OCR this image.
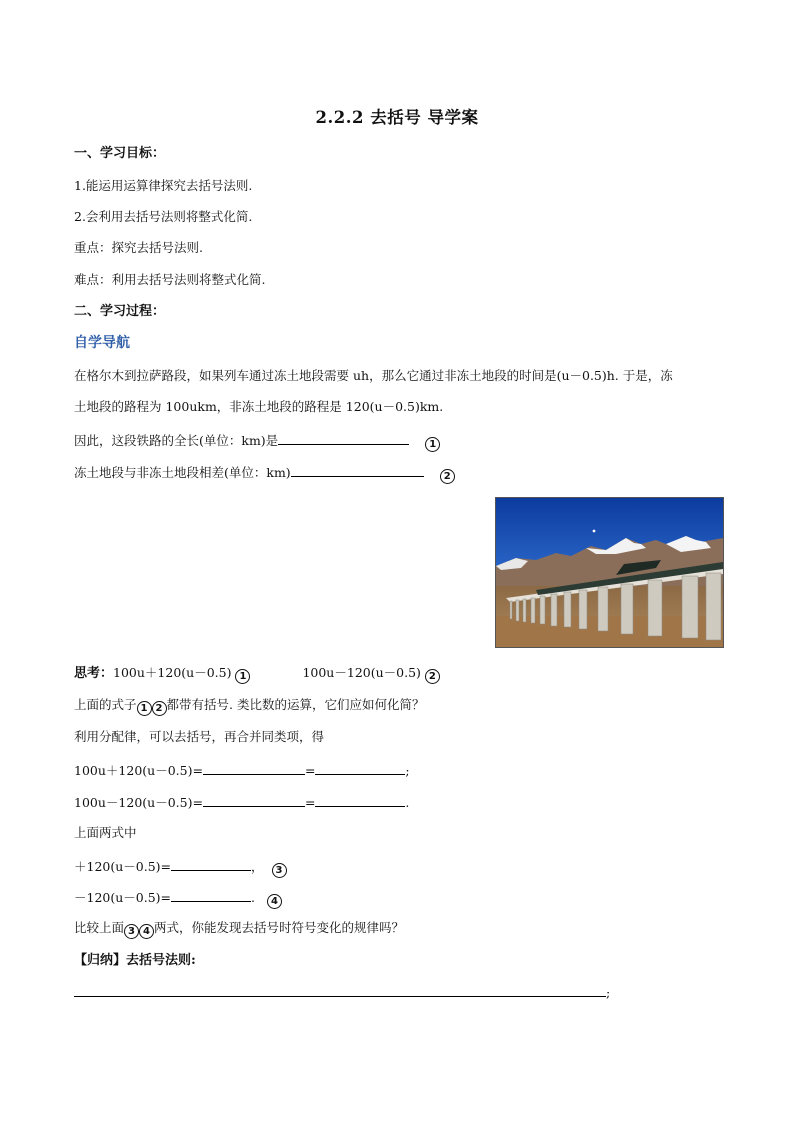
2.2.2 去括号 导学案
一、学习目标：
1.能运用运算律探究去括号法则.
2.会利用去括号法则将整式化简.
重点：探究去括号法则.
难点：利用去括号法则将整式化简.
二、学习过程：
自学导航
在格尔木到拉萨路段，如果列车通过冻土地段需要 uh，那么它通过非冻土地段的时间是(u－0.5)h. 于是，冻
土地段的路程为 100ukm，非冻土地段的路程是 120(u－0.5)km.
因此，这段铁路的全长(单位：km)是	1
冻土地段与非冻土地段相差(单位：km)	2
思考：100u＋120(u－0.5) 1	100u－120(u－0.5) 2
上面的式子 1 2 都带有括号. 类比数的运算，它们应如何化简？
利用分配律，可以去括号，再合并同类项，得
100u＋120(u－0.5)=	=	;
100u－120(u－0.5)=	=	.
上面两式中
＋120(u－0.5)=	， 3
－120(u－0.5)=	. 4
比较上面 3 4 两式，你能发现去括号时符号变化的规律吗？
【归纳】去括号法则:
;
